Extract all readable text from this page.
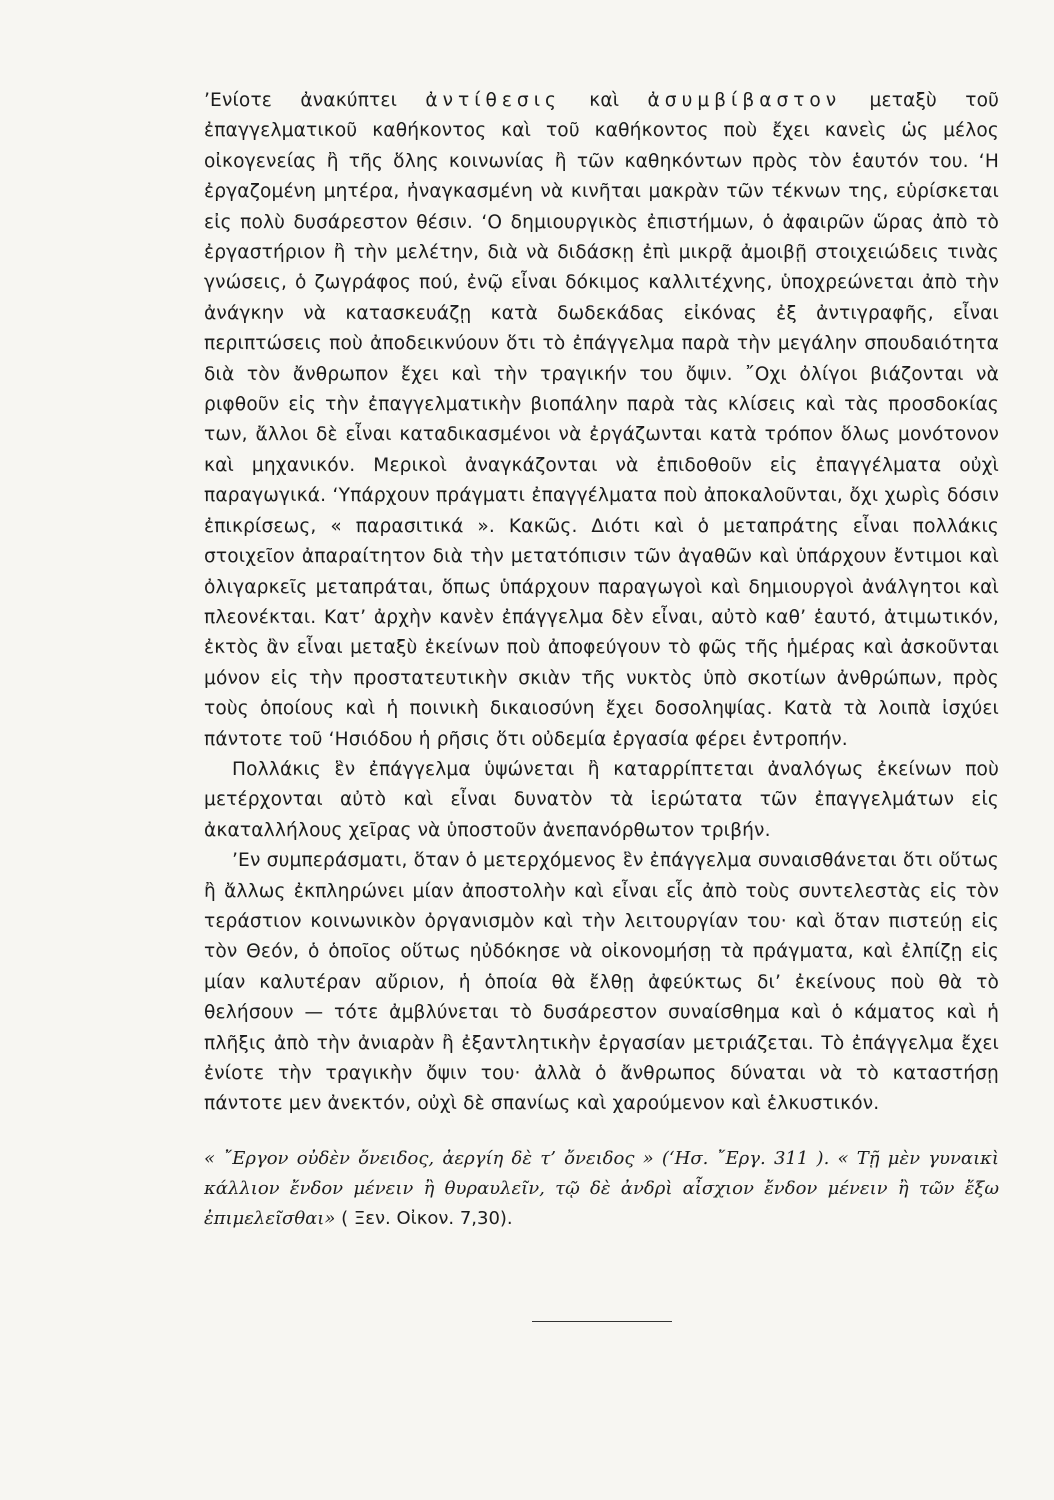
’Ενίοτε ἀνακύπτει ἀντίθεσις καὶ ἀσυμβίβαστον μεταξὺ τοῦ ἐπαγγελματικοῦ καθήκοντος καὶ τοῦ καθήκοντος ποὺ ἔχει κανεὶς ὡς μέλος οἰκογενείας ἢ τῆς ὅλης κοινωνίας ἢ τῶν καθηκόντων πρὸς τὸν ἑαυτόν του. ‘Η ἐργαζομένη μητέρα, ἠναγκασμένη νὰ κινῆται μακρὰν τῶν τέκνων της, εὑρίσκεται εἰς πολὺ δυσάρεστον θέσιν. ‘Ο δημιουργικὸς ἐπιστήμων, ὁ ἀφαιρῶν ὥρας ἀπὸ τὸ ἐργαστήριον ἢ τὴν μελέτην, διὰ νὰ διδάσκῃ ἐπὶ μικρᾷ ἀμοιβῇ στοιχειώδεις τινὰς γνώσεις, ὁ ζωγράφος πού, ἐνῷ εἶναι δόκιμος καλλιτέχνης, ὑποχρεώνεται ἀπὸ τὴν ἀνάγκην νὰ κατασκευάζῃ κατὰ δωδεκάδας εἰκόνας ἐξ ἀντιγραφῆς, εἶναι περιπτώσεις ποὺ ἀποδεικνύουν ὅτι τὸ ἐπάγγελμα παρὰ τὴν μεγάλην σπουδαιότητα διὰ τὸν ἄνθρωπον ἔχει καὶ τὴν τραγικήν του ὄψιν. ῎Οχι ὀλίγοι βιάζονται νὰ ριφθοῦν εἰς τὴν ἐπαγγελματικὴν βιοπάλην παρὰ τὰς κλίσεις καὶ τὰς προσδοκίας των, ἄλλοι δὲ εἶναι καταδικασμένοι νὰ ἐργάζωνται κατὰ τρόπον ὅλως μονότονον καὶ μηχανικόν. Μερικοὶ ἀναγκάζονται νὰ ἐπιδοθοῦν εἰς ἐπαγγέλματα οὐχὶ παραγωγικά. ‘Υπάρχουν πράγματι ἐπαγγέλματα ποὺ ἀποκαλοῦνται, ὄχι χωρὶς δόσιν ἐπικρίσεως, « παρασιτικά ». Κακῶς. Διότι καὶ ὁ μεταπράτης εἶναι πολλάκις στοιχεῖον ἀπαραίτητον διὰ τὴν μετατόπισιν τῶν ἀγαθῶν καὶ ὑπάρχουν ἔντιμοι καὶ ὀλιγαρκεῖς μεταπράται, ὅπως ὑπάρχουν παραγωγοὶ καὶ δημιουργοὶ ἀνάλγητοι καὶ πλεονέκται. Κατ’ ἀρχὴν κανὲν ἐπάγγελμα δὲν εἶναι, αὐτὸ καθ’ ἑαυτό, ἀτιμωτικόν, ἐκτὸς ἂν εἶναι μεταξὺ ἐκείνων ποὺ ἀποφεύγουν τὸ φῶς τῆς ἡμέρας καὶ ἀσκοῦνται μόνον εἰς τὴν προστατευτικὴν σκιὰν τῆς νυκτὸς ὑπὸ σκοτίων ἀνθρώπων, πρὸς τοὺς ὁποίους καὶ ἡ ποινικὴ δικαιοσύνη ἔχει δοσοληψίας. Κατὰ τὰ λοιπὰ ἰσχύει πάντοτε τοῦ ‘Ησιόδου ἡ ρῆσις ὅτι οὐδεμία ἐργασία φέρει ἐντροπήν.

Πολλάκις ἓν ἐπάγγελμα ὑψώνεται ἢ καταρρίπτεται ἀναλόγως ἐκείνων ποὺ μετέρχονται αὐτὸ καὶ εἶναι δυνατὸν τὰ ἱερώτατα τῶν ἐπαγγελμάτων εἰς ἀκαταλλήλους χεῖρας νὰ ὑποστοῦν ἀνεπανόρθωτον τριβήν.

’Εν συμπεράσματι, ὅταν ὁ μετερχόμενος ἓν ἐπάγγελμα συναισθάνεται ὅτι οὕτως ἢ ἄλλως ἐκπληρώνει μίαν ἀποστολὴν καὶ εἶναι εἷς ἀπὸ τοὺς συντελεστὰς εἰς τὸν τεράστιον κοινωνικὸν ὀργανισμὸν καὶ τὴν λειτουργίαν του· καὶ ὅταν πιστεύῃ εἰς τὸν Θεόν, ὁ ὁποῖος οὕτως ηὐδόκησε νὰ οἰκονομήσῃ τὰ πράγματα, καὶ ἐλπίζῃ εἰς μίαν καλυτέραν αὔριον, ἡ ὁποία θὰ ἔλθῃ ἀφεύκτως δι’ ἐκείνους ποὺ θὰ τὸ θελήσουν — τότε ἀμβλύνεται τὸ δυσάρεστον συναίσθημα καὶ ὁ κάματος καὶ ἡ πλῆξις ἀπὸ τὴν ἀνιαρὰν ἢ ἐξαντλητικὴν ἐργασίαν μετριάζεται. Τὸ ἐπάγγελμα ἔχει ἐνίοτε τὴν τραγικὴν ὄψιν του· ἀλλὰ ὁ ἄνθρωπος δύναται νὰ τὸ καταστήσῃ πάντοτε μεν ἀνεκτόν, οὐχὶ δὲ σπανίως καὶ χαρούμενον καὶ ἑλκυστικόν.

« ῎Εργον οὐδὲν ὄνειδος, ἀεργίη δὲ τ’ ὄνειδος » (‘Ησ. ῎Εργ. 311 ). « Τῇ μὲν γυναικὶ κάλλιον ἔνδον μένειν ἢ θυραυλεῖν, τῷ δὲ ἀνδρὶ αἶσχιον ἔνδον μένειν ἢ τῶν ἔξω ἐπιμελεῖσθαι» ( Ξεν. Οἰκον. 7,30).
